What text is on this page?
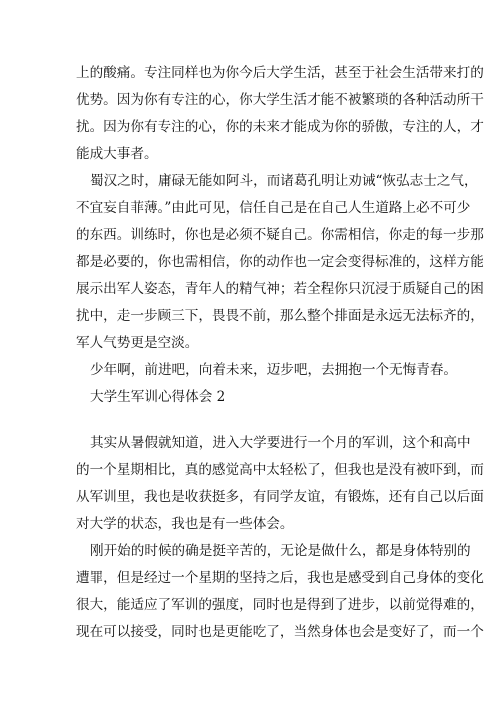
上的酸痛。专注同样也为你今后大学生活，甚至于社会生活带来打的
优势。因为你有专注的心，你大学生活才能不被繁琐的各种活动所干
扰。因为你有专注的心，你的未来才能成为你的骄傲，专注的人，才
能成大事者。
蜀汉之时，庸碌无能如阿斗，而诸葛孔明让劝诫“恢弘志士之气，
不宜妄自菲薄。”由此可见，信任自己是在自己人生道路上必不可少
的东西。训练时，你也是必须不疑自己。你需相信，你走的每一步那
都是必要的，你也需相信，你的动作也一定会变得标准的，这样方能
展示出军人姿态，青年人的精气神；若全程你只沉浸于质疑自己的困
扰中，走一步顾三下，畏畏不前，那么整个排面是永远无法标齐的，
军人气势更是空淡。
少年啊，前进吧，向着未来，迈步吧，去拥抱一个无悔青春。
大学生军训心得体会 2
其实从暑假就知道，进入大学要进行一个月的军训，这个和高中
的一个星期相比，真的感觉高中太轻松了，但我也是没有被吓到，而
从军训里，我也是收获挺多，有同学友谊，有锻炼，还有自己以后面
对大学的状态，我也是有一些体会。
刚开始的时候的确是挺辛苦的，无论是做什么，都是身体特别的
遭罪，但是经过一个星期的坚持之后，我也是感受到自己身体的变化
很大，能适应了军训的强度，同时也是得到了进步，以前觉得难的，
现在可以接受，同时也是更能吃了，当然身体也会是变好了，而一个
